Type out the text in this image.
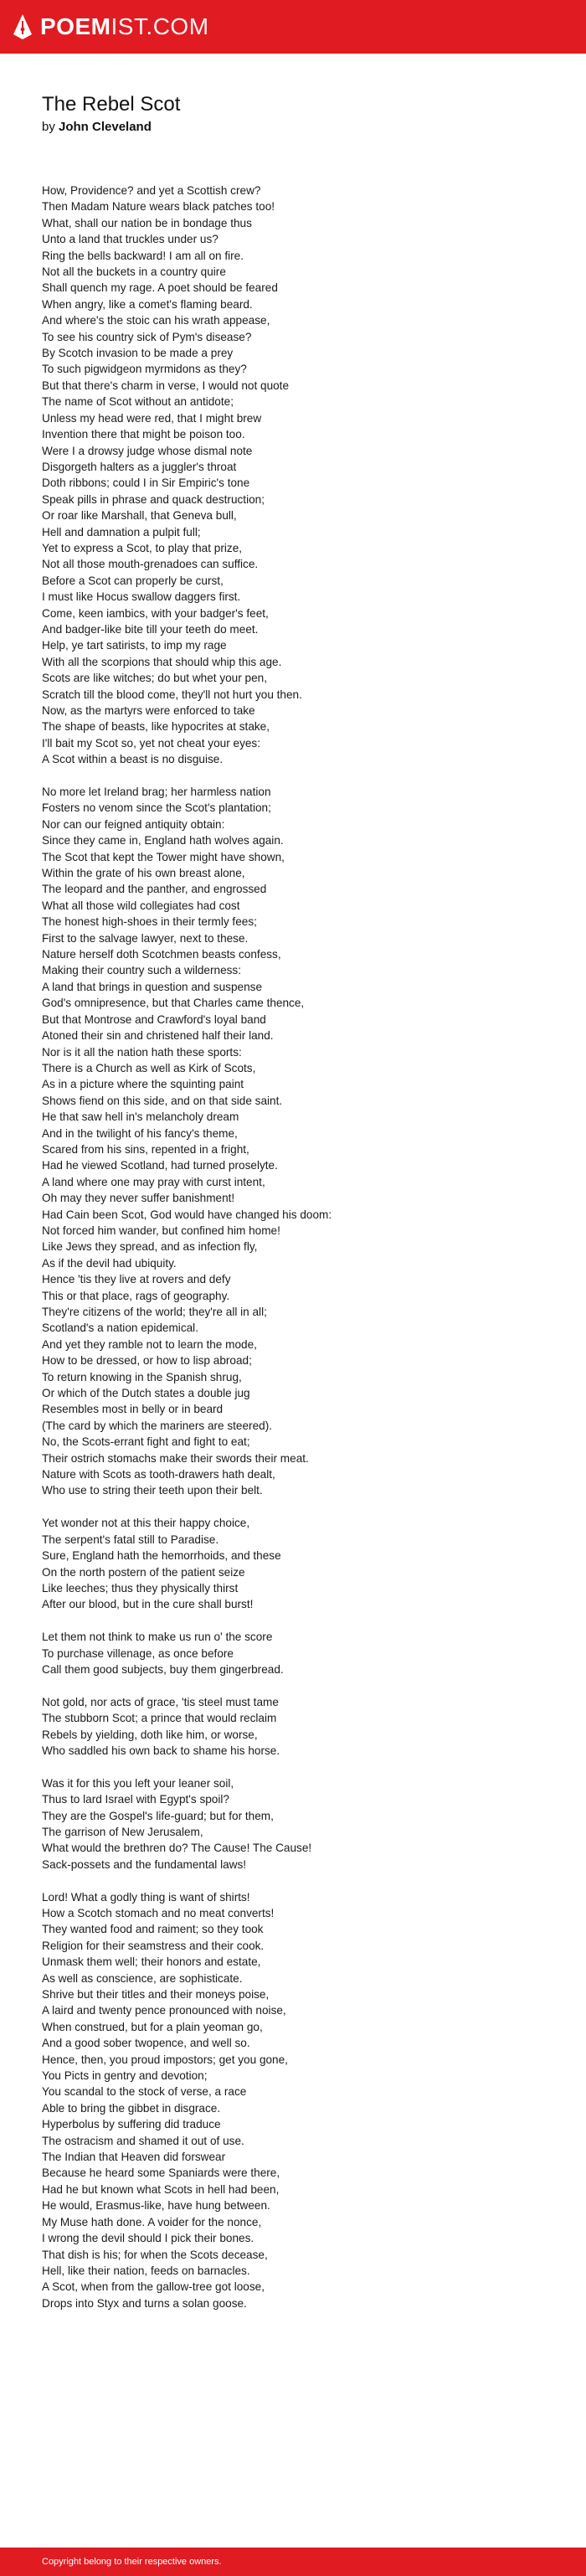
POEMIST.COM
The Rebel Scot
by John Cleveland
How, Providence? and yet a Scottish crew?
Then Madam Nature wears black patches too!
What, shall our nation be in bondage thus
Unto a land that truckles under us?
Ring the bells backward! I am all on fire.
Not all the buckets in a country quire
Shall quench my rage. A poet should be feared
When angry, like a comet's flaming beard.
And where's the stoic can his wrath appease,
To see his country sick of Pym's disease?
By Scotch invasion to be made a prey
To such pigwidgeon myrmidons as they?
But that there's charm in verse, I would not quote
The name of Scot without an antidote;
Unless my head were red, that I might brew
Invention there that might be poison too.
Were I a drowsy judge whose dismal note
Disgorgeth halters as a juggler's throat
Doth ribbons; could I in Sir Empiric's tone
Speak pills in phrase and quack destruction;
Or roar like Marshall, that Geneva bull,
Hell and damnation a pulpit full;
Yet to express a Scot, to play that prize,
Not all those mouth-grenadoes can suffice.
Before a Scot can properly be curst,
I must like Hocus swallow daggers first.
Come, keen iambics, with your badger's feet,
And badger-like bite till your teeth do meet.
Help, ye tart satirists, to imp my rage
With all the scorpions that should whip this age.
Scots are like witches; do but whet your pen,
Scratch till the blood come, they'll not hurt you then.
Now, as the martyrs were enforced to take
The shape of beasts, like hypocrites at stake,
I'll bait my Scot so, yet not cheat your eyes:
A Scot within a beast is no disguise.
No more let Ireland brag; her harmless nation
Fosters no venom since the Scot's plantation;
Nor can our feigned antiquity obtain:
Since they came in, England hath wolves again.
The Scot that kept the Tower might have shown,
Within the grate of his own breast alone,
The leopard and the panther, and engrossed
What all those wild collegiates had cost
The honest high-shoes in their termly fees;
First to the salvage lawyer, next to these.
Nature herself doth Scotchmen beasts confess,
Making their country such a wilderness:
A land that brings in question and suspense
God's omnipresence, but that Charles came thence,
But that Montrose and Crawford's loyal band
Atoned their sin and christened half their land.
Nor is it all the nation hath these sports:
There is a Church as well as Kirk of Scots,
As in a picture where the squinting paint
Shows fiend on this side, and on that side saint.
He that saw hell in's melancholy dream
And in the twilight of his fancy's theme,
Scared from his sins, repented in a fright,
Had he viewed Scotland, had turned proselyte.
A land where one may pray with curst intent,
Oh may they never suffer banishment!
Had Cain been Scot, God would have changed his doom:
Not forced him wander, but confined him home!
Like Jews they spread, and as infection fly,
As if the devil had ubiquity.
Hence 'tis they live at rovers and defy
This or that place, rags of geography.
They're citizens of the world; they're all in all;
Scotland's a nation epidemical.
And yet they ramble not to learn the mode,
How to be dressed, or how to lisp abroad;
To return knowing in the Spanish shrug,
Or which of the Dutch states a double jug
Resembles most in belly or in beard
(The card by which the mariners are steered).
No, the Scots-errant fight and fight to eat;
Their ostrich stomachs make their swords their meat.
Nature with Scots as tooth-drawers hath dealt,
Who use to string their teeth upon their belt.
Yet wonder not at this their happy choice,
The serpent's fatal still to Paradise.
Sure, England hath the hemorrhoids, and these
On the north postern of the patient seize
Like leeches; thus they physically thirst
After our blood, but in the cure shall burst!
Let them not think to make us run o' the score
To purchase villenage, as once before
Call them good subjects, buy them gingerbread.
Not gold, nor acts of grace, 'tis steel must tame
The stubborn Scot; a prince that would reclaim
Rebels by yielding, doth like him, or worse,
Who saddled his own back to shame his horse.
Was it for this you left your leaner soil,
Thus to lard Israel with Egypt's spoil?
They are the Gospel's life-guard; but for them,
The garrison of New Jerusalem,
What would the brethren do? The Cause! The Cause!
Sack-possets and the fundamental laws!
Lord! What a godly thing is want of shirts!
How a Scotch stomach and no meat converts!
They wanted food and raiment; so they took
Religion for their seamstress and their cook.
Unmask them well; their honors and estate,
As well as conscience, are sophisticate.
Shrive but their titles and their moneys poise,
A laird and twenty pence pronounced with noise,
When construed, but for a plain yeoman go,
And a good sober twopence, and well so.
Hence, then, you proud impostors; get you gone,
You Picts in gentry and devotion;
You scandal to the stock of verse, a race
Able to bring the gibbet in disgrace.
Hyperbolus by suffering did traduce
The ostracism and shamed it out of use.
The Indian that Heaven did forswear
Because he heard some Spaniards were there,
Had he but known what Scots in hell had been,
He would, Erasmus-like, have hung between.
My Muse hath done. A voider for the nonce,
I wrong the devil should I pick their bones.
That dish is his; for when the Scots decease,
Hell, like their nation, feeds on barnacles.
A Scot, when from the gallow-tree got loose,
Drops into Styx and turns a solan goose.
Copyright belong to their respective owners.
